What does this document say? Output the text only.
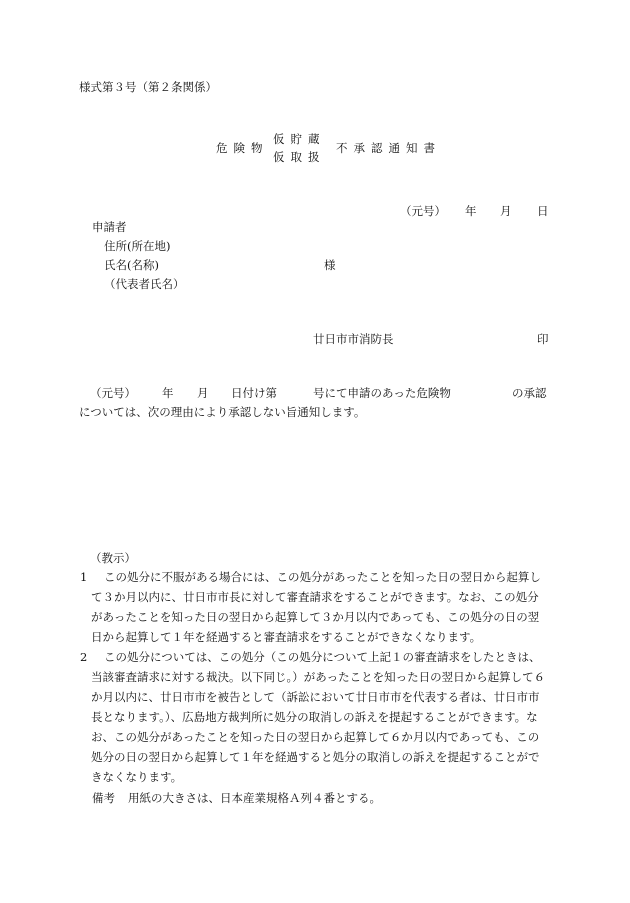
様式第３号（第２条関係）
危険物
仮貯蔵
仮取扱
不承認通知書
（元号） 年 月 日
申請者
住所(所在地)
氏名(名称)	様
（代表者氏名）
廿日市市消防長	印
（元号） 年 月 日付け第	号にて申請のあった危険物	の承認
については、次の理由により承認しない旨通知します。
（教示）
1 この処分に不服がある場合には、この処分があったことを知った日の翌日から起算し
て３か月以内に、廿日市市長に対して審査請求をすることができます。なお、この処分
があったことを知った日の翌日から起算して３か月以内であっても、この処分の日の翌
日から起算して１年を経過すると審査請求をすることができなくなります。
2 この処分については、この処分（この処分について上記１の審査請求をしたときは、
当該審査請求に対する裁決。以下同じ。）があったことを知った日の翌日から起算して６
か月以内に、廿日市市を被告として（訴訟において廿日市市を代表する者は、廿日市市
長となります。）、広島地方裁判所に処分の取消しの訴えを提起することができます。な
お、この処分があったことを知った日の翌日から起算して６か月以内であっても、この
処分の日の翌日から起算して１年を経過すると処分の取消しの訴えを提起することがで
きなくなります。
備考 用紙の大きさは、日本産業規格Ａ列４番とする。
